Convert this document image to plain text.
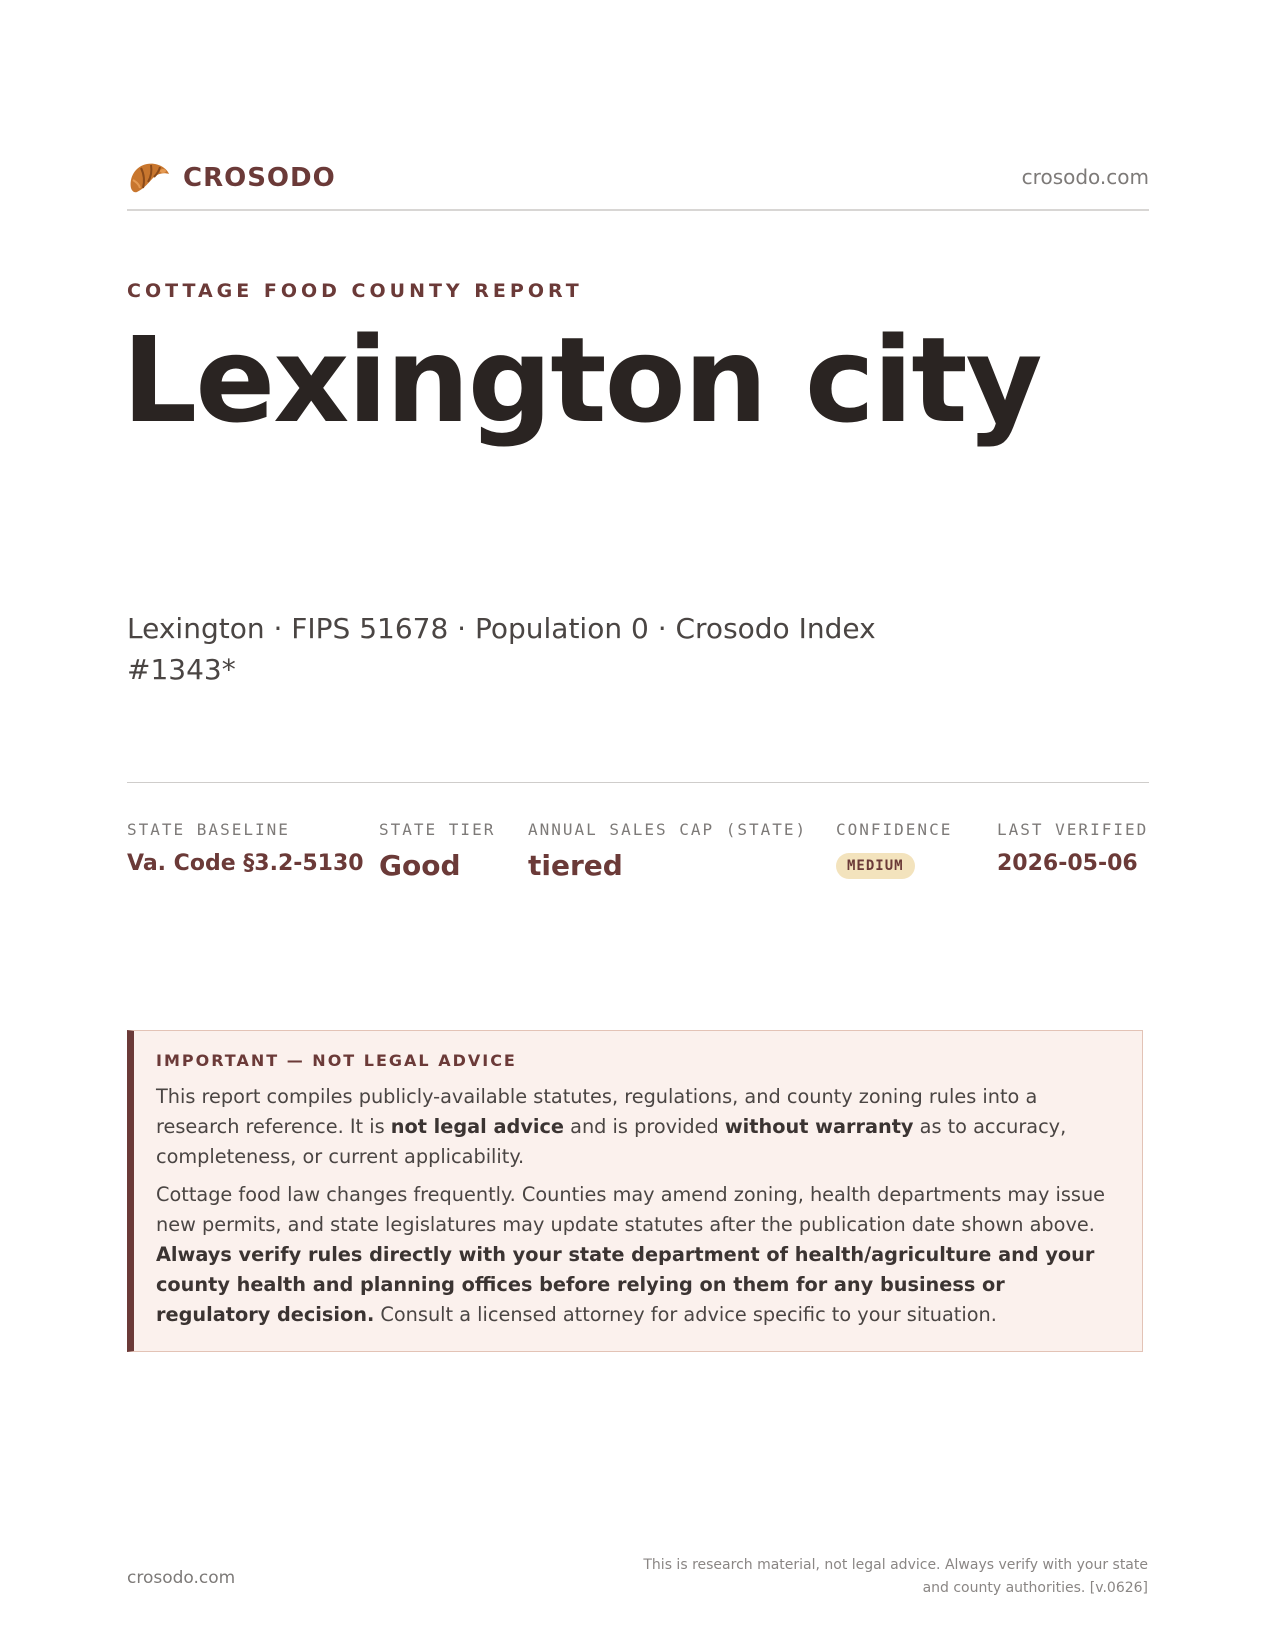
CROSODO	crosodo.com
COTTAGE FOOD COUNTY REPORT
Lexington city
Lexington · FIPS 51678 · Population 0 · Crosodo Index #1343*
STATE BASELINE
Va. Code §3.2-5130
STATE TIER
Good
ANNUAL SALES CAP (STATE)
tiered
CONFIDENCE
MEDIUM
LAST VERIFIED
2026-05-06
IMPORTANT — NOT LEGAL ADVICE

This report compiles publicly-available statutes, regulations, and county zoning rules into a research reference. It is not legal advice and is provided without warranty as to accuracy, completeness, or current applicability.

Cottage food law changes frequently. Counties may amend zoning, health departments may issue new permits, and state legislatures may update statutes after the publication date shown above. Always verify rules directly with your state department of health/agriculture and your county health and planning offices before relying on them for any business or regulatory decision. Consult a licensed attorney for advice specific to your situation.

crosodo.com
This is research material, not legal advice. Always verify with your state and county authorities. [v.0626]
